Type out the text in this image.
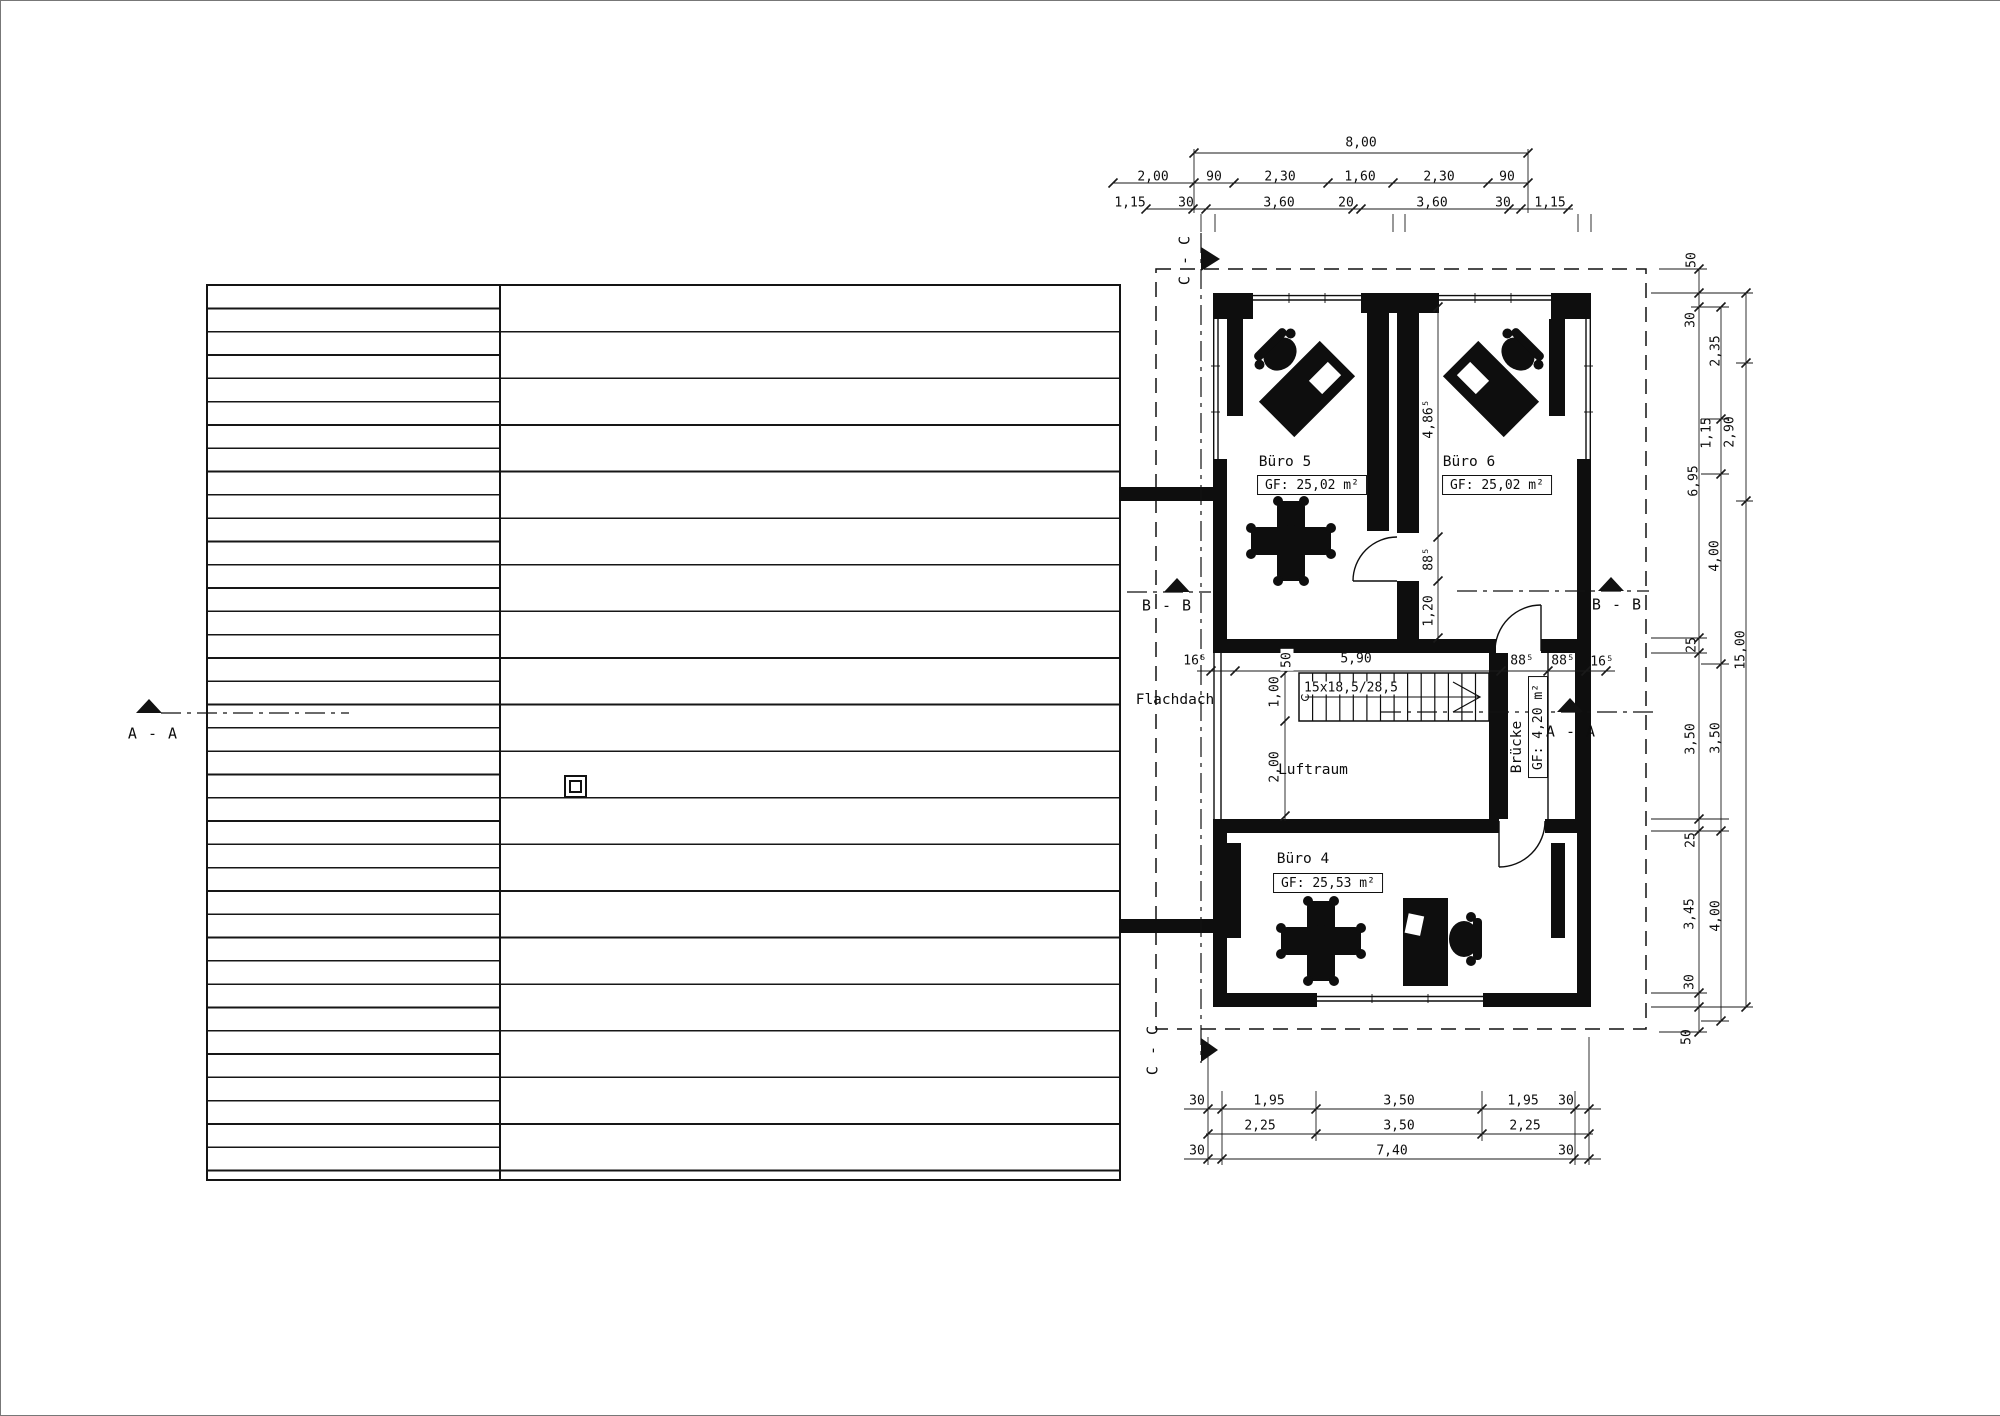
8,00
2,00	90	2,30	1,60	2,30	90
1,15	30	3,60	20	3,60	30 1,15
50
30
6,95
25
3,50
25
3,45
30
50
2,35
1,15
4,00
3,50
4,00
2,90
15,00
30	1,95	3,50	1,95 30
2,25	3,50	2,25
30	7,40	30
16⁵	50	5,90	88⁵ 88⁵ 16⁵
4,86⁵
88⁵
1,20
1,00
2,00
Büro 5
GF: 25,02 m²
Büro 6
GF: 25,02 m²
Büro 4
GF: 25,53 m²
Luftraum	Brücke GF: 4,20 m²
Flachdach
15x18,5/28,5
A - A	A - A
B - B	B - B
C - C
C - C
